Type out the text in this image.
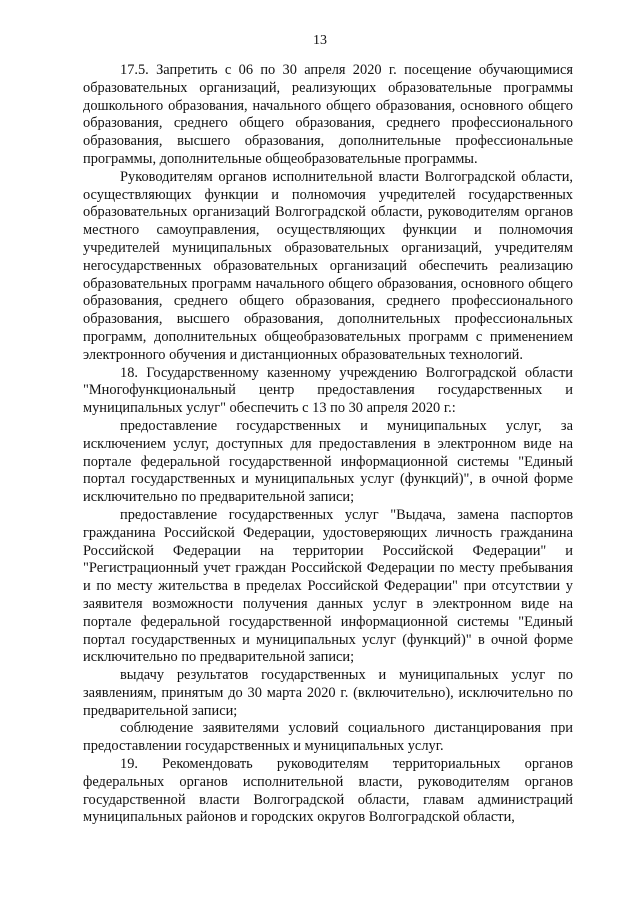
13

17.5. Запретить с 06 по 30 апреля 2020 г. посещение обучающимися образовательных организаций, реализующих образовательные программы дошкольного образования, начального общего образования, основного общего образования, среднего общего образования, среднего профессионального образования, высшего образования, дополнительные профессиональные программы, дополнительные общеобразовательные программы.

Руководителям органов исполнительной власти Волгоградской области, осуществляющих функции и полномочия учредителей государственных образовательных организаций Волгоградской области, руководителям органов местного самоуправления, осуществляющих функции и полномочия учредителей муниципальных образовательных организаций, учредителям негосударственных образовательных организаций обеспечить реализацию образовательных программ начального общего образования, основного общего образования, среднего общего образования, среднего профессионального образования, высшего образования, дополнительных профессиональных программ, дополнительных общеобразовательных программ с применением электронного обучения и дистанционных образовательных технологий.

18. Государственному казенному учреждению Волгоградской области "Многофункциональный центр предоставления государственных и муниципальных услуг" обеспечить с 13 по 30 апреля 2020 г.:

предоставление государственных и муниципальных услуг, за исключением услуг, доступных для предоставления в электронном виде на портале федеральной государственной информационной системы "Единый портал государственных и муниципальных услуг (функций)", в очной форме исключительно по предварительной записи;

предоставление государственных услуг "Выдача, замена паспортов гражданина Российской Федерации, удостоверяющих личность гражданина Российской Федерации на территории Российской Федерации" и "Регистрационный учет граждан Российской Федерации по месту пребывания и по месту жительства в пределах Российской Федерации" при отсутствии у заявителя возможности получения данных услуг в электронном виде на портале федеральной государственной информационной системы "Единый портал государственных и муниципальных услуг (функций)" в очной форме исключительно по предварительной записи;

выдачу результатов государственных и муниципальных услуг по заявлениям, принятым до 30 марта 2020 г. (включительно), исключительно по предварительной записи;

соблюдение заявителями условий социального дистанцирования при предоставлении государственных и муниципальных услуг.

19. Рекомендовать руководителям территориальных органов федеральных органов исполнительной власти, руководителям органов государственной власти Волгоградской области, главам администраций муниципальных районов и городских округов Волгоградской области,
